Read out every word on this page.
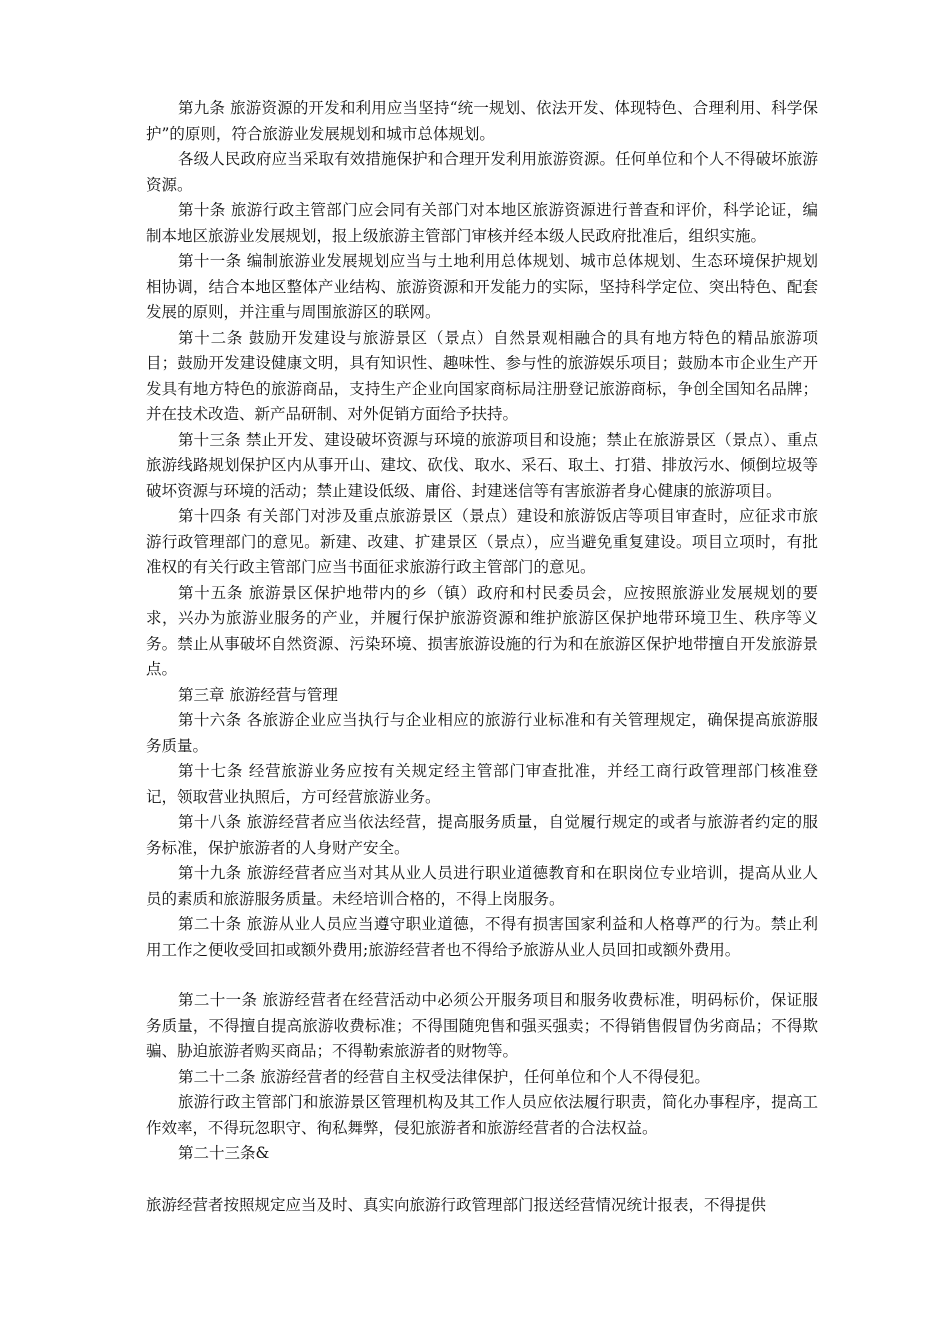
第九条 旅游资源的开发和利用应当坚持“统一规划、依法开发、体现特色、合理利用、科学保护”的原则，符合旅游业发展规划和城市总体规划。

各级人民政府应当采取有效措施保护和合理开发利用旅游资源。任何单位和个人不得破坏旅游资源。

第十条 旅游行政主管部门应会同有关部门对本地区旅游资源进行普查和评价，科学论证，编制本地区旅游业发展规划，报上级旅游主管部门审核并经本级人民政府批准后，组织实施。

第十一条 编制旅游业发展规划应当与土地利用总体规划、城市总体规划、生态环境保护规划相协调，结合本地区整体产业结构、旅游资源和开发能力的实际，坚持科学定位、突出特色、配套发展的原则，并注重与周围旅游区的联网。

第十二条 鼓励开发建设与旅游景区（景点）自然景观相融合的具有地方特色的精品旅游项目；鼓励开发建设健康文明，具有知识性、趣味性、参与性的旅游娱乐项目；鼓励本市企业生产开发具有地方特色的旅游商品，支持生产企业向国家商标局注册登记旅游商标，争创全国知名品牌；并在技术改造、新产品研制、对外促销方面给予扶持。

第十三条 禁止开发、建设破坏资源与环境的旅游项目和设施；禁止在旅游景区（景点）、重点旅游线路规划保护区内从事开山、建坟、砍伐、取水、采石、取土、打猎、排放污水、倾倒垃圾等破坏资源与环境的活动；禁止建设低级、庸俗、封建迷信等有害旅游者身心健康的旅游项目。

第十四条 有关部门对涉及重点旅游景区（景点）建设和旅游饭店等项目审查时，应征求市旅游行政管理部门的意见。新建、改建、扩建景区（景点），应当避免重复建设。项目立项时，有批准权的有关行政主管部门应当书面征求旅游行政主管部门的意见。

第十五条 旅游景区保护地带内的乡（镇）政府和村民委员会，应按照旅游业发展规划的要求，兴办为旅游业服务的产业，并履行保护旅游资源和维护旅游区保护地带环境卫生、秩序等义务。禁止从事破坏自然资源、污染环境、损害旅游设施的行为和在旅游区保护地带擅自开发旅游景点。

第三章 旅游经营与管理

第十六条 各旅游企业应当执行与企业相应的旅游行业标准和有关管理规定，确保提高旅游服务质量。

第十七条 经营旅游业务应按有关规定经主管部门审查批准，并经工商行政管理部门核准登记，领取营业执照后，方可经营旅游业务。

第十八条 旅游经营者应当依法经营，提高服务质量，自觉履行规定的或者与旅游者约定的服务标准，保护旅游者的人身财产安全。

第十九条 旅游经营者应当对其从业人员进行职业道德教育和在职岗位专业培训，提高从业人员的素质和旅游服务质量。未经培训合格的，不得上岗服务。

第二十条 旅游从业人员应当遵守职业道德，不得有损害国家利益和人格尊严的行为。禁止利用工作之便收受回扣或额外费用;旅游经营者也不得给予旅游从业人员回扣或额外费用。

第二十一条 旅游经营者在经营活动中必须公开服务项目和服务收费标准，明码标价，保证服务质量，不得擅自提高旅游收费标准；不得围随兜售和强买强卖；不得销售假冒伪劣商品；不得欺骗、胁迫旅游者购买商品；不得勒索旅游者的财物等。

第二十二条 旅游经营者的经营自主权受法律保护，任何单位和个人不得侵犯。

旅游行政主管部门和旅游景区管理机构及其工作人员应依法履行职责，简化办事程序，提高工作效率，不得玩忽职守、徇私舞弊，侵犯旅游者和旅游经营者的合法权益。

第二十三条&

旅游经营者按照规定应当及时、真实向旅游行政管理部门报送经营情况统计报表，不得提供
